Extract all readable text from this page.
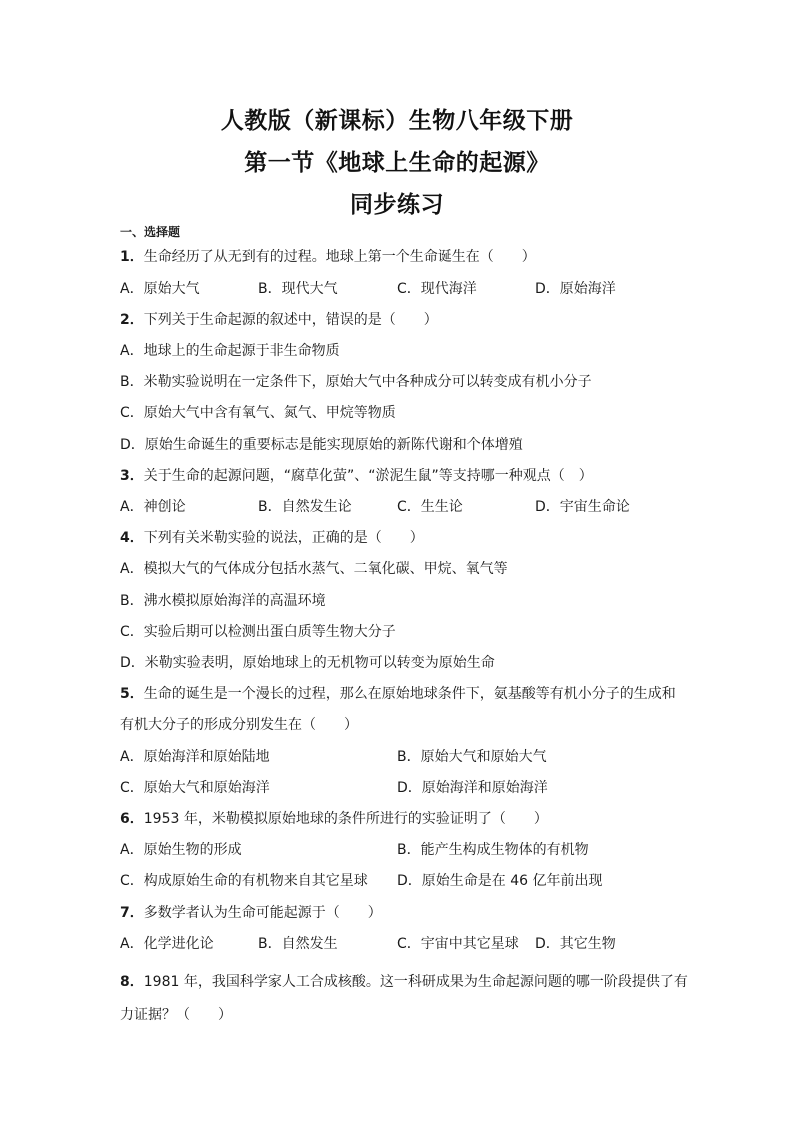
人教版（新课标）生物八年级下册
第一节《地球上生命的起源》
同步练习
一、选择题
1．生命经历了从无到有的过程。地球上第一个生命诞生在（　　）
A．原始大气	B．现代大气	C．现代海洋	D．原始海洋
2．下列关于生命起源的叙述中，错误的是（　　）
A．地球上的生命起源于非生命物质
B．米勒实验说明在一定条件下，原始大气中各种成分可以转变成有机小分子
C．原始大气中含有氧气、氮气、甲烷等物质
D．原始生命诞生的重要标志是能实现原始的新陈代谢和个体增殖
3．关于生命的起源问题，“腐草化萤”、“淤泥生鼠”等支持哪一种观点（　）
A．神创论	B．自然发生论	C．生生论	D．宇宙生命论
4．下列有关米勒实验的说法，正确的是（　　）
A．模拟大气的气体成分包括水蒸气、二氧化碳、甲烷、氧气等
B．沸水模拟原始海洋的高温环境
C．实验后期可以检测出蛋白质等生物大分子
D．米勒实验表明，原始地球上的无机物可以转变为原始生命
5．生命的诞生是一个漫长的过程，那么在原始地球条件下，氨基酸等有机小分子的生成和
有机大分子的形成分别发生在（　　）
A．原始海洋和原始陆地	B．原始大气和原始大气
C．原始大气和原始海洋	D．原始海洋和原始海洋
6．1953 年，米勒模拟原始地球的条件所进行的实验证明了（　　）
A．原始生物的形成	B．能产生构成生物体的有机物
C．构成原始生命的有机物来自其它星球 D．原始生命是在 46 亿年前出现
7．多数学者认为生命可能起源于（　　）
A．化学进化论	B．自然发生	C．宇宙中其它星球 D．其它生物
8．1981 年，我国科学家人工合成核酸。这一科研成果为生命起源问题的哪一阶段提供了有
力证据？（　　）
